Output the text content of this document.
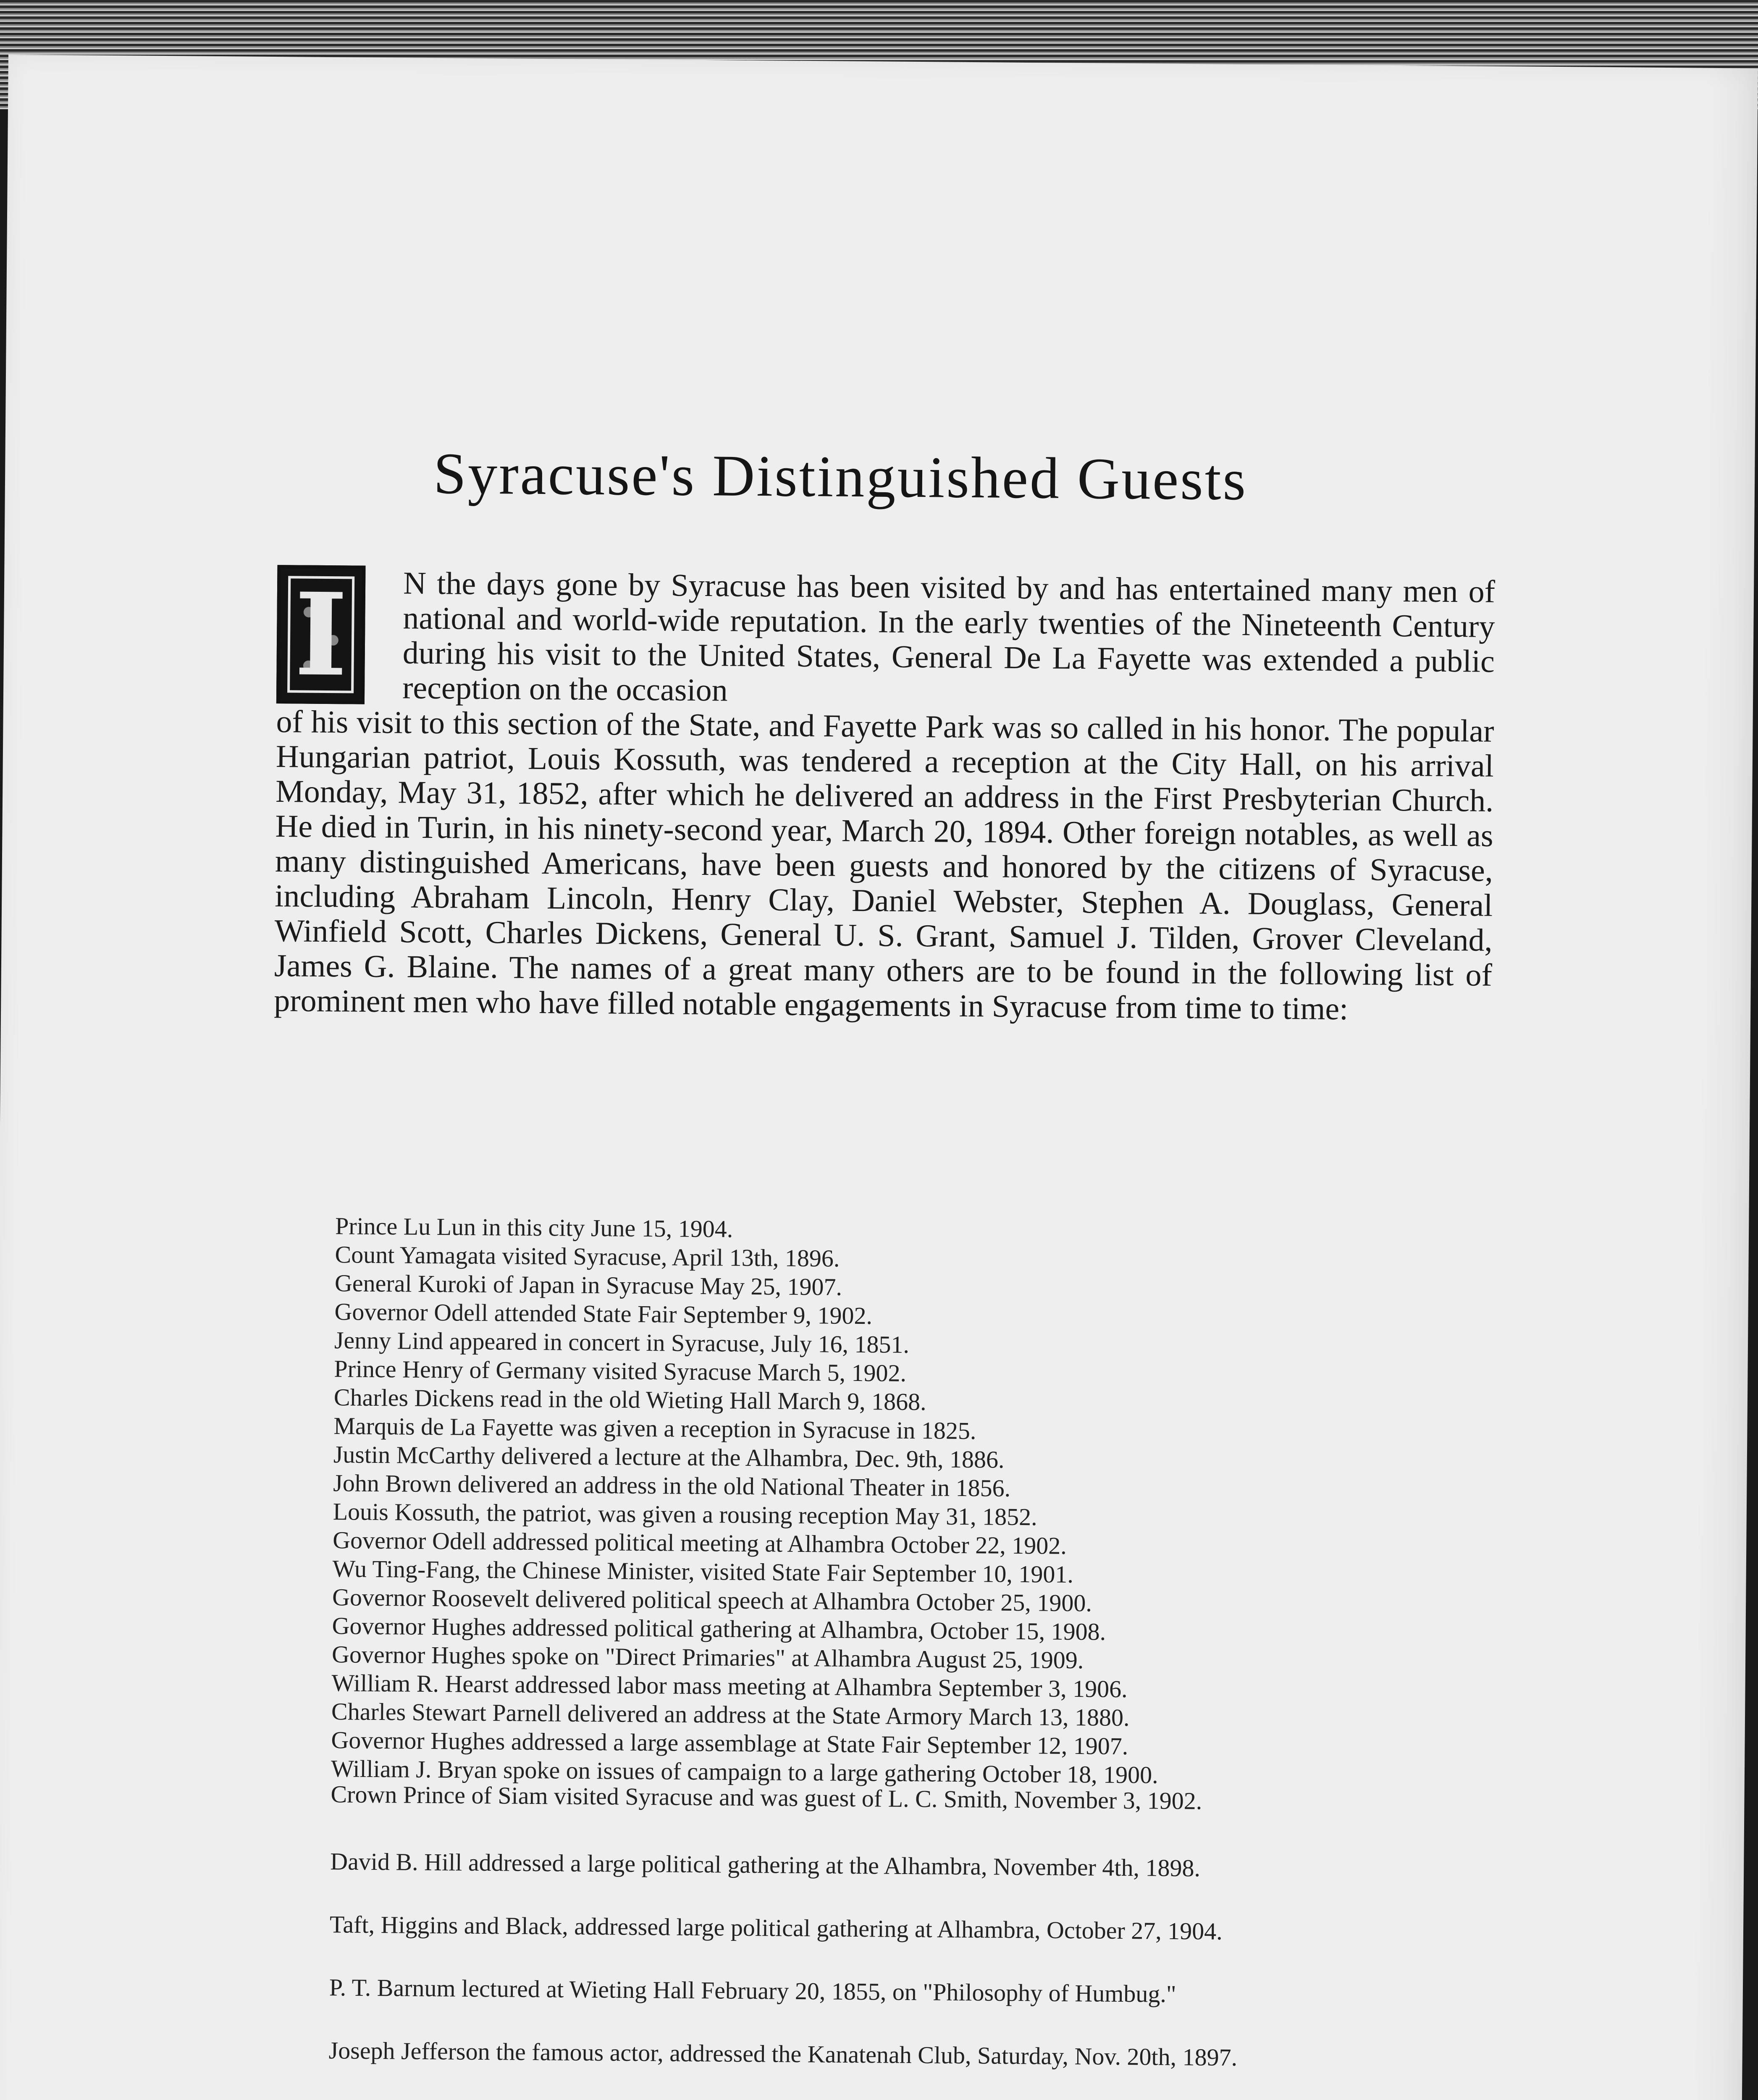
Syracuse's Distinguished Guests
N the days gone by Syracuse has been visited by and has entertained many men of national and world-wide reputation. In the early twenties of the Nineteenth Century during his visit to the United States, General De La Fayette was extended a public reception on the occasion
of his visit to this section of the State, and Fayette Park was so called in his honor. The popular Hungarian patriot, Louis Kossuth, was tendered a reception at the City Hall, on his arrival Monday, May 31, 1852, after which he delivered an address in the First Presbyterian Church. He died in Turin, in his ninety-second year, March 20, 1894. Other foreign notables, as well as many distinguished Americans, have been guests and honored by the citizens of Syracuse, including Abraham Lincoln, Henry Clay, Daniel Webster, Stephen A. Douglass, General Winfield Scott, Charles Dickens, General U. S. Grant, Samuel J. Tilden, Grover Cleveland, James G. Blaine. The names of a great many others are to be found in the following list of prominent men who have filled notable engagements in Syracuse from time to time:
I
Prince Lu Lun in this city June 15, 1904.
Count Yamagata visited Syracuse, April 13th, 1896.
General Kuroki of Japan in Syracuse May 25, 1907.
Governor Odell attended State Fair September 9, 1902.
Jenny Lind appeared in concert in Syracuse, July 16, 1851.
Prince Henry of Germany visited Syracuse March 5, 1902.
Charles Dickens read in the old Wieting Hall March 9, 1868.
Marquis de La Fayette was given a reception in Syracuse in 1825.
Justin McCarthy delivered a lecture at the Alhambra, Dec. 9th, 1886.
John Brown delivered an address in the old National Theater in 1856.
Louis Kossuth, the patriot, was given a rousing reception May 31, 1852.
Governor Odell addressed political meeting at Alhambra October 22, 1902.
Wu Ting-Fang, the Chinese Minister, visited State Fair September 10, 1901.
Governor Roosevelt delivered political speech at Alhambra October 25, 1900.
Governor Hughes addressed political gathering at Alhambra, October 15, 1908.
Governor Hughes spoke on "Direct Primaries" at Alhambra August 25, 1909.
William R. Hearst addressed labor mass meeting at Alhambra September 3, 1906.
Charles Stewart Parnell delivered an address at the State Armory March 13, 1880.
Governor Hughes addressed a large assemblage at State Fair September 12, 1907.
William J. Bryan spoke on issues of campaign to a large gathering October 18, 1900.
Crown Prince of Siam visited Syracuse and was guest of L. C. Smith, November 3, 1902.
David B. Hill addressed a large political gathering at the Alhambra, November 4th, 1898.
Taft, Higgins and Black, addressed large political gathering at Alhambra, October 27, 1904.
P. T. Barnum lectured at Wieting Hall February 20, 1855, on "Philosophy of Humbug."
Joseph Jefferson the famous actor, addressed the Kanatenah Club, Saturday, Nov. 20th, 1897.
